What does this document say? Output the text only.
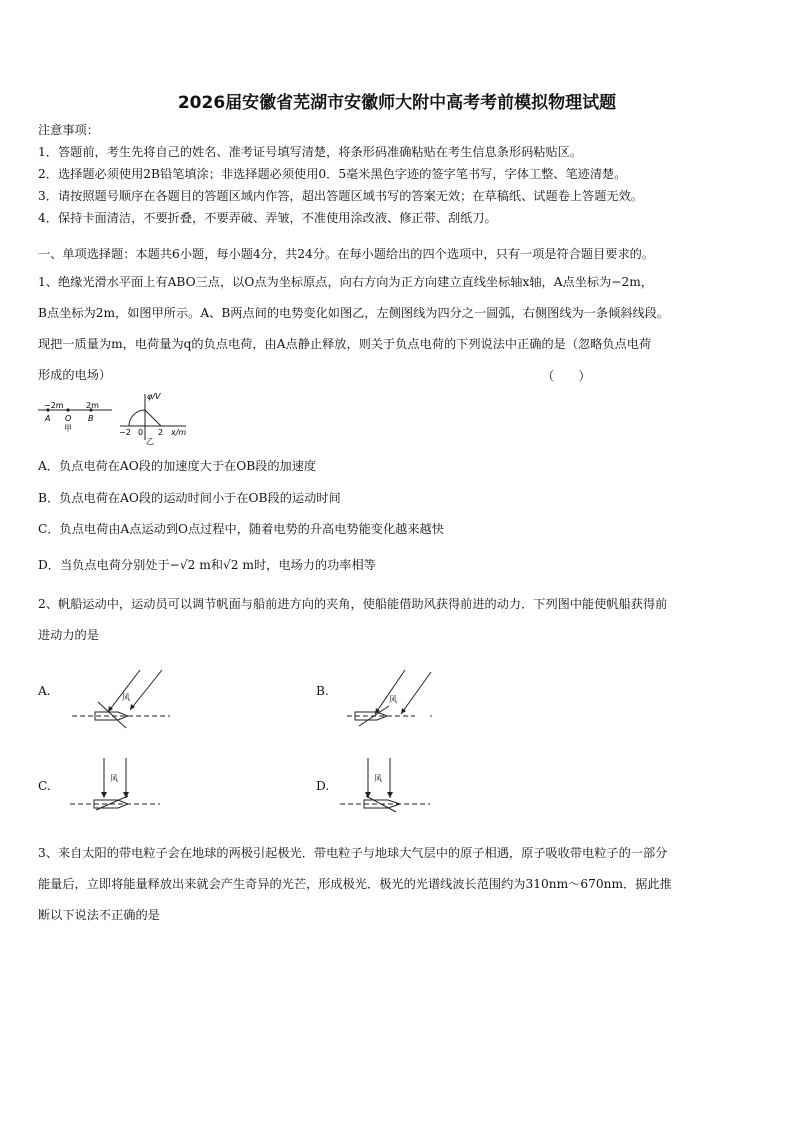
2026届安徽省芜湖市安徽师大附中高考考前模拟物理试题
注意事项：
1．答题前，考生先将自己的姓名、准考证号填写清楚，将条形码准确粘贴在考生信息条形码粘贴区。
2．选择题必须使用2B铅笔填涂；非选择题必须使用0．5毫米黑色字迹的签字笔书写，字体工整、笔迹清楚。
3．请按照题号顺序在各题目的答题区域内作答，超出答题区域书写的答案无效；在草稿纸、试题卷上答题无效。
4．保持卡面清洁，不要折叠，不要弄破、弄皱，不准使用涂改液、修正带、刮纸刀。
一、单项选择题：本题共6小题，每小题4分，共24分。在每小题给出的四个选项中，只有一项是符合题目要求的。
1、绝缘光滑水平面上有ABO三点，以O点为坐标原点，向右方向为正方向建立直线坐标轴x轴，A点坐标为−2m，
B点坐标为2m，如图甲所示。A、B两点间的电势变化如图乙，左侧图线为四分之一圆弧，右侧图线为一条倾斜线段。
现把一质量为m，电荷量为q的负点电荷，由A点静止释放，则关于负点电荷的下列说法中正确的是（忽略负点电荷
形成的电场）	（　　）
−2m	2m
A O B
甲
φ/V
−2 0 2 x/m
乙
A．负点电荷在AO段的加速度大于在OB段的加速度
B．负点电荷在AO段的运动时间小于在OB段的运动时间
C．负点电荷由A点运动到O点过程中，随着电势的升高电势能变化越来越快
D．当负点电荷分别处于−√2 m和√2 m时，电场力的功率相等
2、帆船运动中，运动员可以调节帆面与船前进方向的夹角，使船能借助风获得前进的动力．下列图中能使帆船获得前
进动力的是
A.	风	B.
风
C.
风
D.
风
3、来自太阳的带电粒子会在地球的两极引起极光．带电粒子与地球大气层中的原子相遇，原子吸收带电粒子的一部分
能量后，立即将能量释放出来就会产生奇异的光芒，形成极光．极光的光谱线波长范围约为310nm～670nm．据此推
断以下说法不正确的是
